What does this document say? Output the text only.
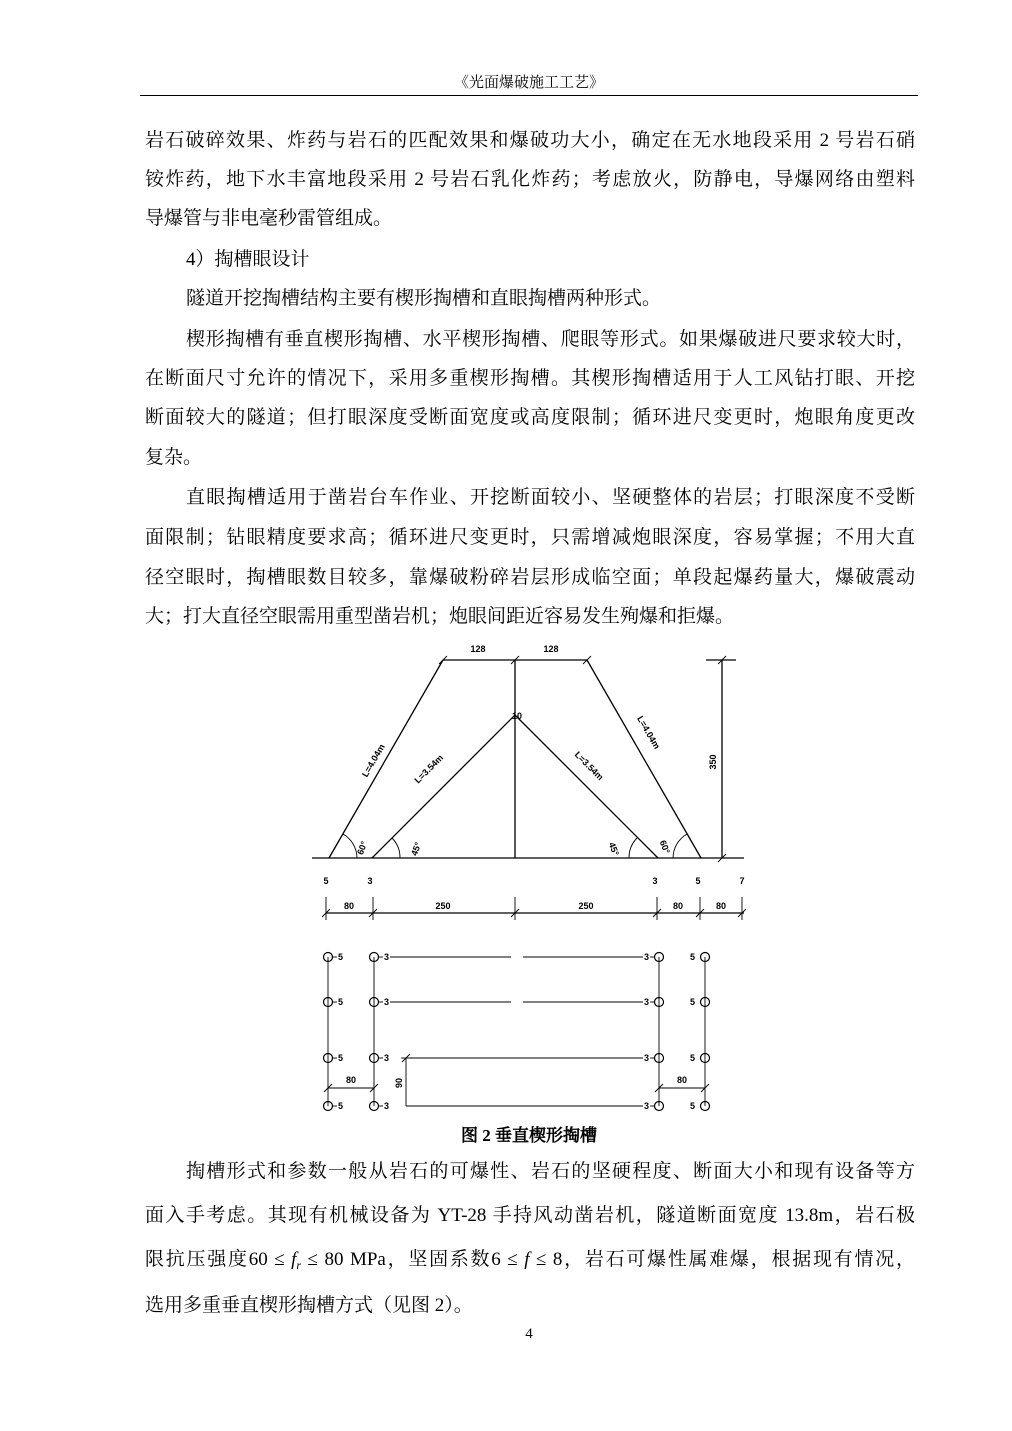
《光面爆破施工工艺》
岩石破碎效果、炸药与岩石的匹配效果和爆破功大小，确定在无水地段采用 2 号岩石硝
铵炸药，地下水丰富地段采用 2 号岩石乳化炸药；考虑放火，防静电，导爆网络由塑料
导爆管与非电毫秒雷管组成。
4）掏槽眼设计
隧道开挖掏槽结构主要有楔形掏槽和直眼掏槽两种形式。
楔形掏槽有垂直楔形掏槽、水平楔形掏槽、爬眼等形式。如果爆破进尺要求较大时，
在断面尺寸允许的情况下，采用多重楔形掏槽。其楔形掏槽适用于人工风钻打眼、开挖
断面较大的隧道；但打眼深度受断面宽度或高度限制；循环进尺变更时，炮眼角度更改
复杂。
直眼掏槽适用于凿岩台车作业、开挖断面较小、坚硬整体的岩层；打眼深度不受断
面限制；钻眼精度要求高；循环进尺变更时，只需增减炮眼深度，容易掌握；不用大直
径空眼时，掏槽眼数目较多，靠爆破粉碎岩层形成临空面；单段起爆药量大，爆破震动
大；打大直径空眼需用重型凿岩机；炮眼间距近容易发生殉爆和拒爆。
128	128
10
L=4.04m	L=3.54m	L=3.54m
L=4.04m
60°	45°	45°	60°
350
5	3	3	5	7
80	250	250	80	80
5	3	3	5
5	3	3	5
5	3	3	5
5	3	3	5
80	80
90
图 2 垂直楔形掏槽
掏槽形式和参数一般从岩石的可爆性、岩石的坚硬程度、断面大小和现有设备等方
面入手考虑。其现有机械设备为 YT-28 手持风动凿岩机，隧道断面宽度 13.8m，岩石极
限抗压强度$60 \le f_r \le 80$ MPa，坚固系数6 ≤ f ≤ 8，岩石可爆性属难爆，根据现有情况，
选用多重垂直楔形掏槽方式（见图 2）。
4
